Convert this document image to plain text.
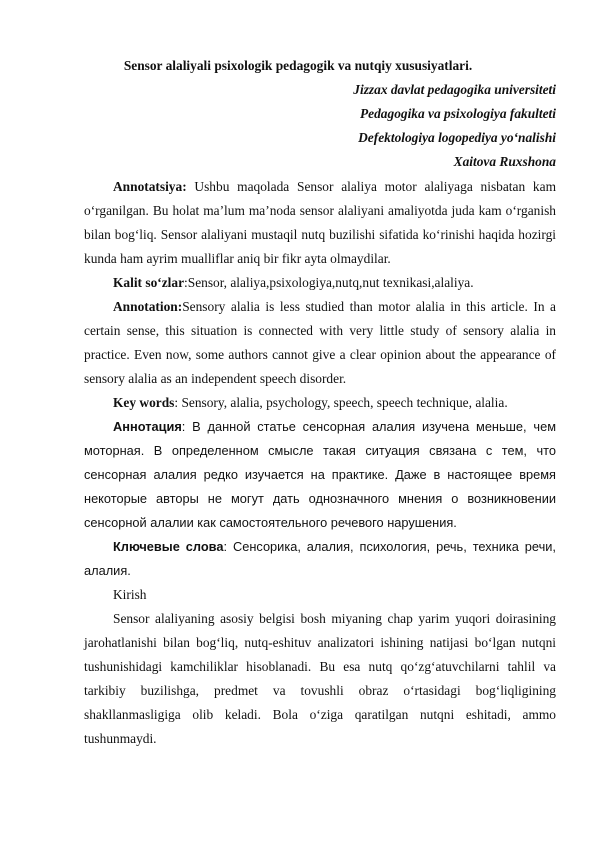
Sensor alaliyali psixologik pedagogik va nutqiy xususiyatlari.
Jizzax davlat pedagogika universiteti
Pedagogika va psixologiya fakulteti
Defektologiya logopediya yo‘nalishi
Xaitova Ruxshona

Annotatsiya: Ushbu maqolada Sensor alaliya motor alaliyaga nisbatan kam o‘rganilgan. Bu holat ma’lum ma’noda sensor alaliyani amaliyotda juda kam o‘rganish bilan bog‘liq. Sensor alaliyani mustaqil nutq buzilishi sifatida ko‘rinishi haqida hozirgi kunda ham ayrim mualliflar aniq bir fikr ayta olmaydilar.

Kalit so‘zlar:Sensor, alaliya,psixologiya,nutq,nut texnikasi,alaliya.

Annotation:Sensory alalia is less studied than motor alalia in this article. In a certain sense, this situation is connected with very little study of sensory alalia in practice. Even now, some authors cannot give a clear opinion about the appearance of sensory alalia as an independent speech disorder.

Key words: Sensory, alalia, psychology, speech, speech technique, alalia.

Аннотация: В данной статье сенсорная алалия изучена меньше, чем моторная. В определенном смысле такая ситуация связана с тем, что сенсорная алалия редко изучается на практике. Даже в настоящее время некоторые авторы не могут дать однозначного мнения о возникновении сенсорной алалии как самостоятельного речевого нарушения.

Ключевые слова: Сенсорика, алалия, психология, речь, техника речи, алалия.

Kirish

Sensor alaliyaning asosiy belgisi bosh miyaning chap yarim yuqori doirasining jarohatlanishi bilan bog‘liq, nutq-eshituv analizatori ishining natijasi bo‘lgan nutqni tushunishidagi kamchiliklar hisoblanadi. Bu esa nutq qo‘zg‘atuvchilarni tahlil va tarkibiy buzilishga, predmet va tovushli obraz o‘rtasidagi bog‘liqligining shakllanmasligiga olib keladi. Bola o‘ziga qaratilgan nutqni eshitadi, ammo tushunmaydi.
